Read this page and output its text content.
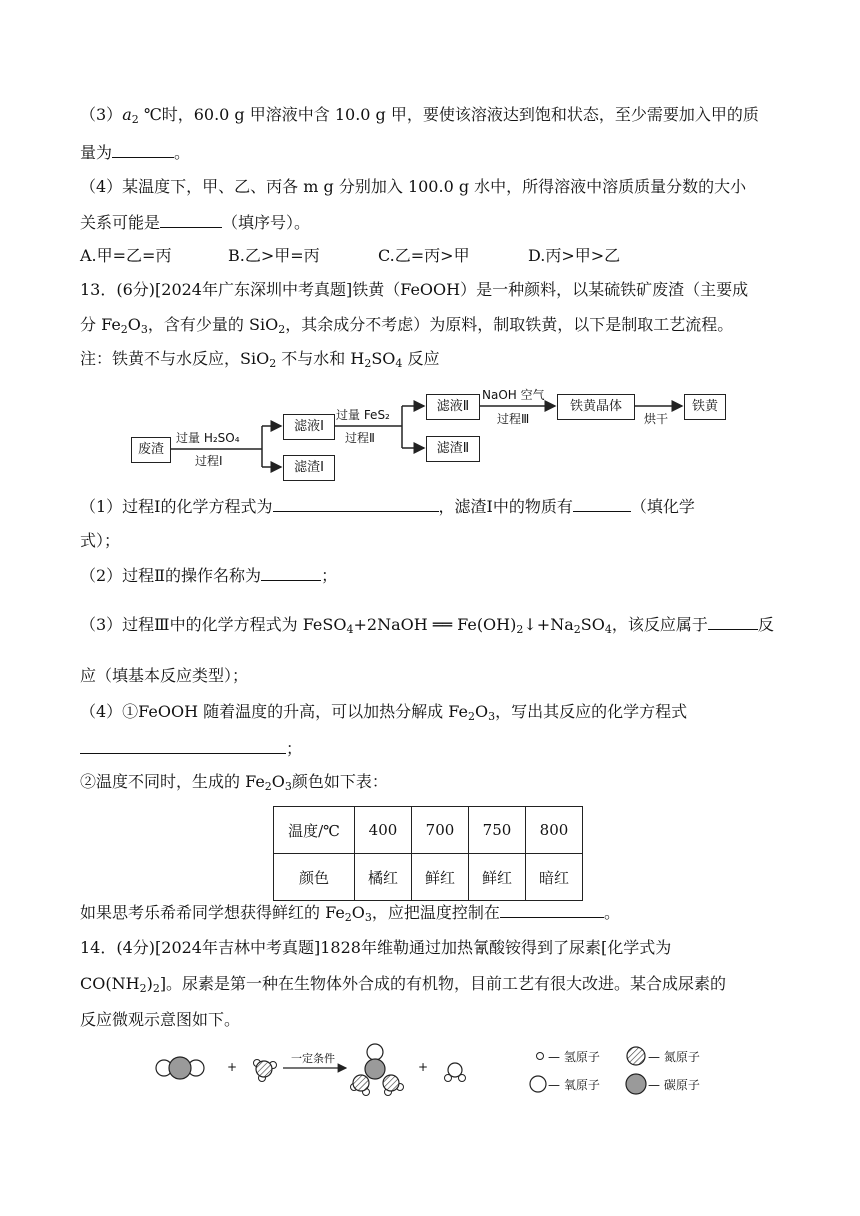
$(3)a_2$ ℃时，60.0 g 甲溶液中含 10.0 g 甲，要使该溶液达到饱和状态，至少需要加入甲的质
量为	。
（4）某温度下，甲、乙、丙各 m g 分别加入 100.0 g 水中，所得溶液中溶质质量分数的大小
关系可能是	（填序号）。
A.甲=乙=丙	B.乙>甲=丙	C.乙=丙>甲	D.丙>甲>乙
13．(6分)[2024年广东深圳中考真题]铁黄（FeOOH）是一种颜料，以某硫铁矿废渣（主要成
分 $Fe_2O_3$，含有少量的 SiO$_2$，其余成分不考虑）为原料，制取铁黄，以下是制取工艺流程。
注：铁黄不与水反应，SiO$_2$ 不与水和 $H_2SO_4$ 反应
废渣
滤液Ⅰ
滤渣Ⅰ
滤液Ⅱ
滤渣Ⅱ
铁黄晶体	铁黄
过量 H₂SO₄
过程Ⅰ
过量 FeS₂
过程Ⅱ
NaOH 空气
过程Ⅲ	烘干
（1）过程Ⅰ的化学方程式为	，滤渣Ⅰ中的物质有	（填化学
式）；
（2）过程Ⅱ的操作名称为	；
（3）过程Ⅲ中的化学方程式为 FeSO$_4$+2NaOH ══ $Fe(OH)_2↓+Na_2SO_4$，该反应属于	反
应（填基本反应类型）；
（4）①FeOOH 随着温度的升高，可以加热分解成 $Fe_2O_3$，写出其反应的化学方程式
；
②温度不同时，生成的 $Fe_2O_3$颜色如下表：
温度/℃	400	700	750	800
颜色	橘红	鲜红	鲜红	暗红
如果思考乐希希同学想获得鲜红的 $Fe_2O_3$，应把温度控制在	。
14．(4分)[2024年吉林中考真题]1828年维勒通过加热氰酸铵得到了尿素[化学式为
$CO(NH_2)_2$]。尿素是第一种在生物体外合成的有机物，目前工艺有很大改进。某合成尿素的
反应微观示意图如下。
一定条件
+	+
— 氢原子	— 氮原子
— 氧原子	— 碳原子
